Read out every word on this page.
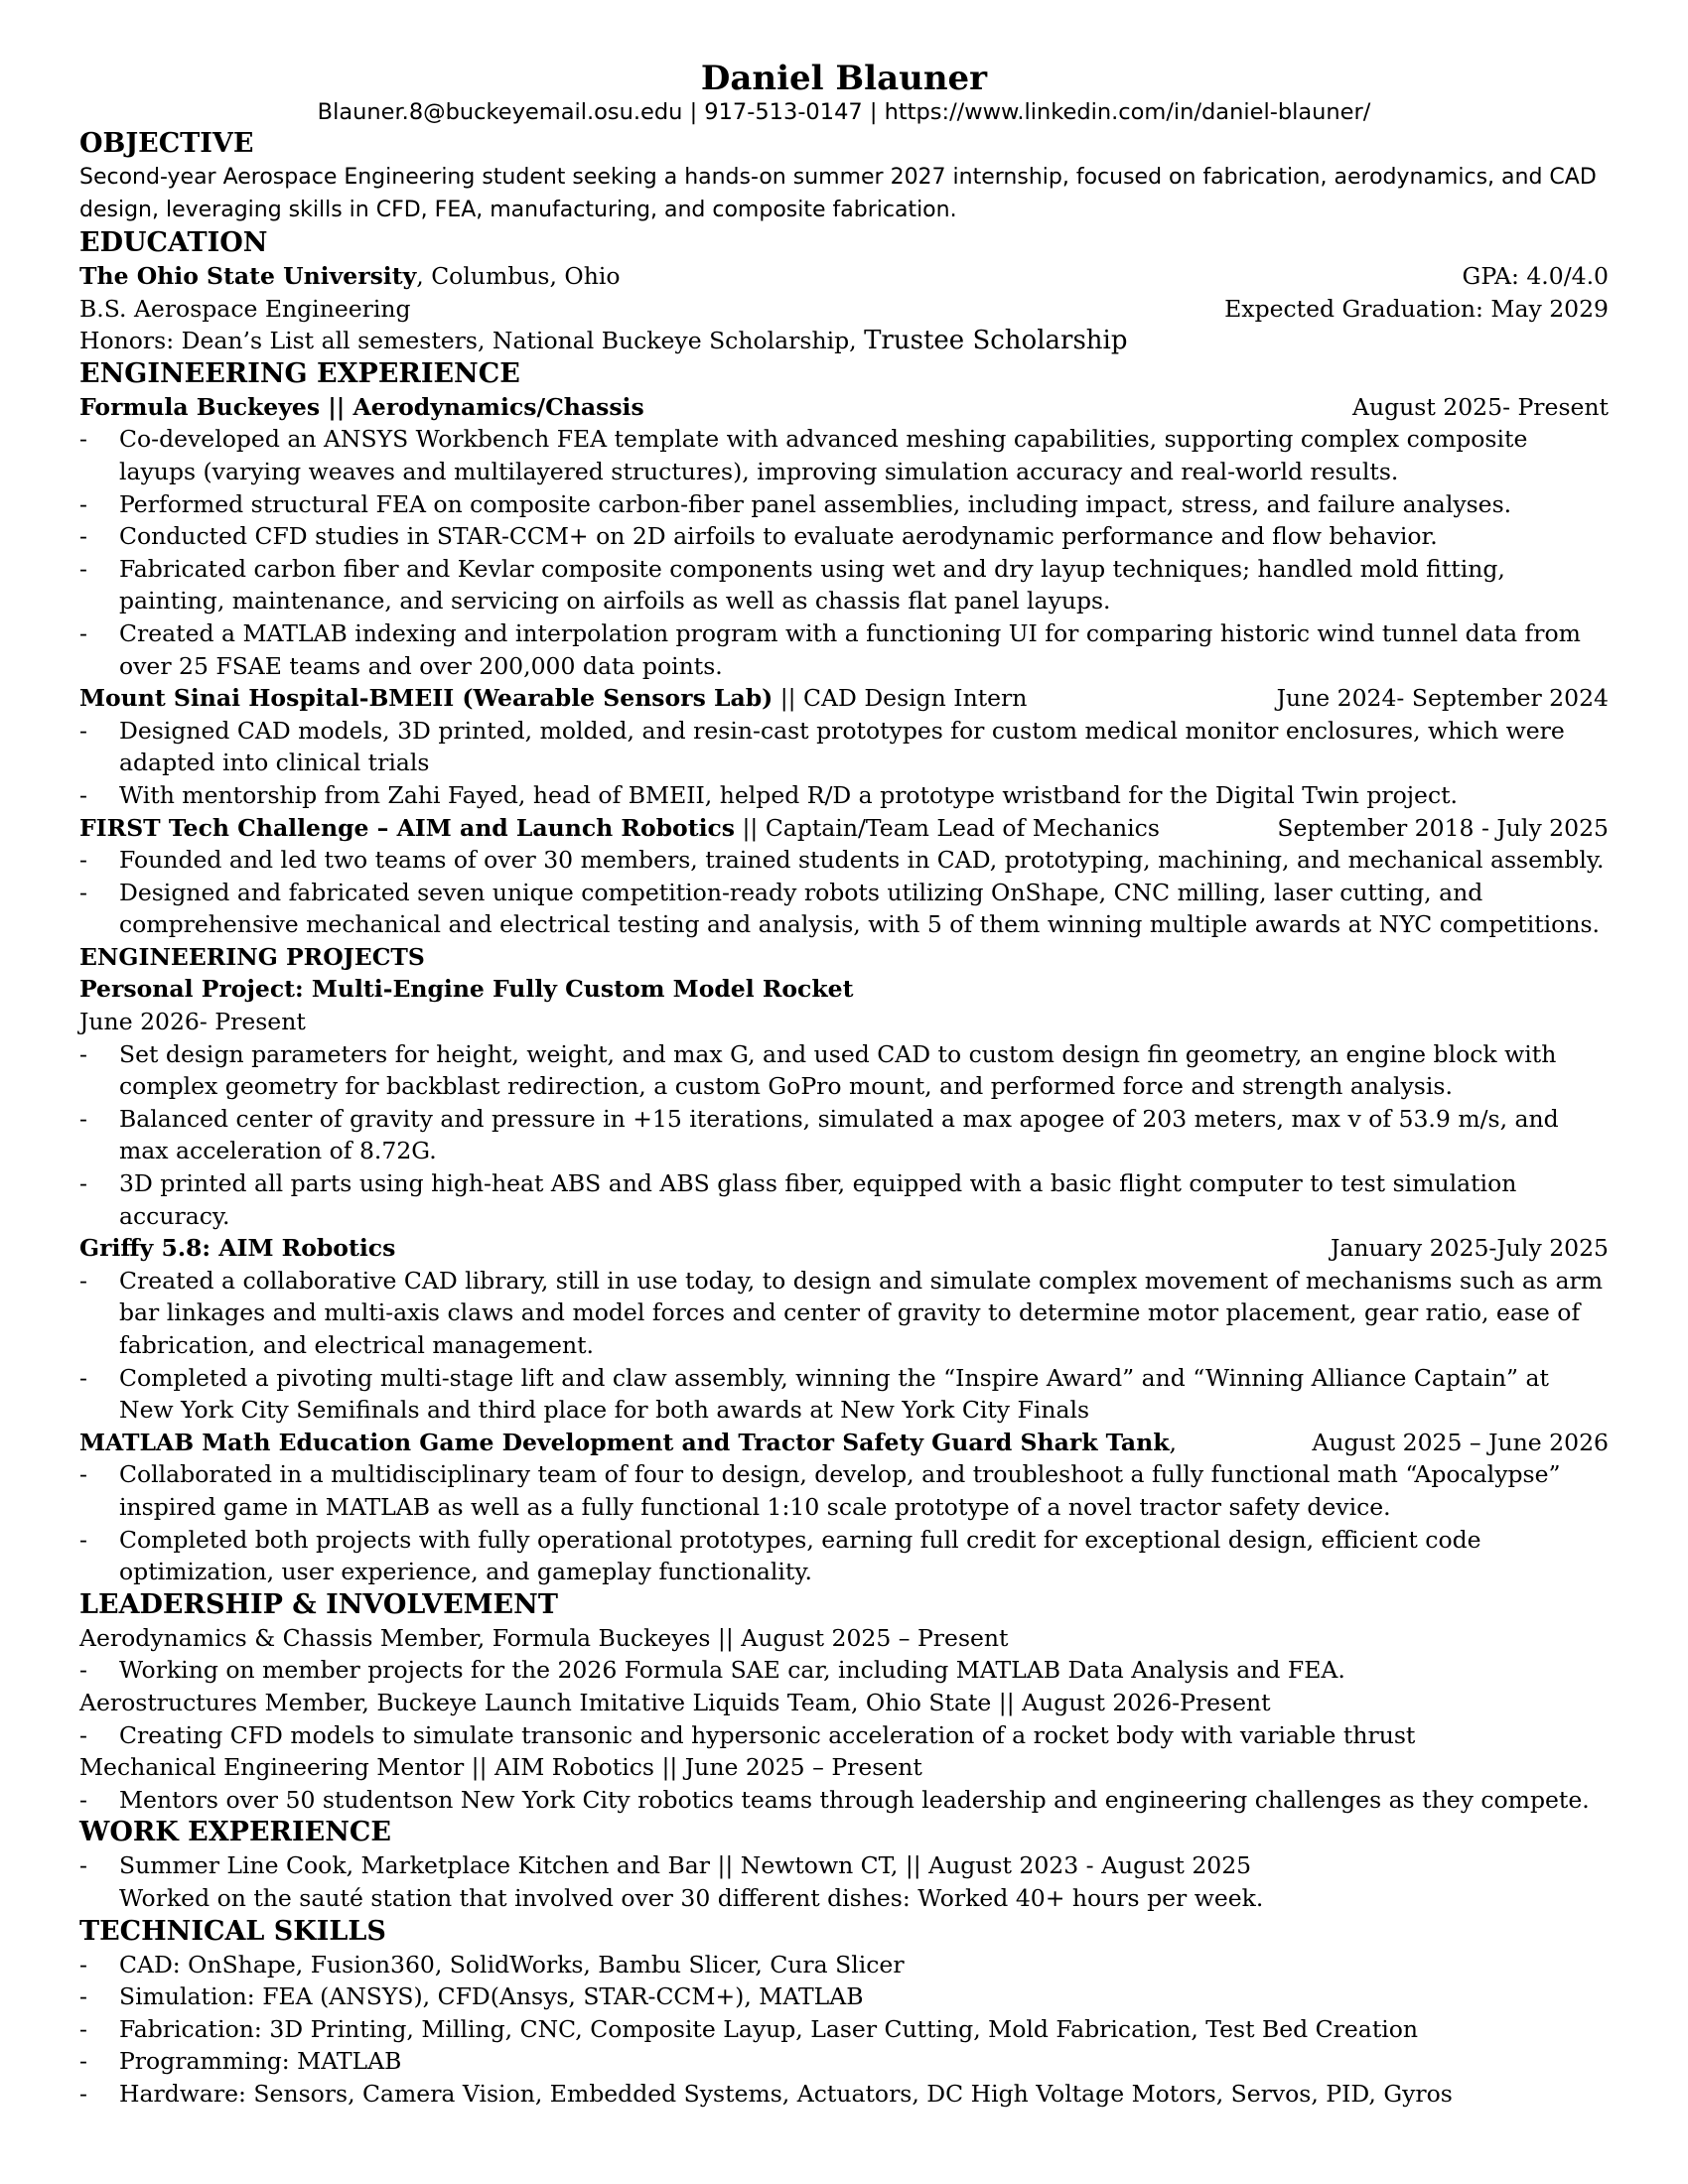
Daniel Blauner
Blauner.8@buckeyemail.osu.edu | 917-513-0147 | https://www.linkedin.com/in/daniel-blauner/
OBJECTIVE
Second-year Aerospace Engineering student seeking a hands-on summer 2027 internship, focused on fabrication, aerodynamics, and CAD design, leveraging skills in CFD, FEA, manufacturing, and composite fabrication.
EDUCATION
The Ohio State University, Columbus, Ohio	GPA: 4.0/4.0
B.S. Aerospace Engineering	Expected Graduation: May 2029
Honors: Dean’s List all semesters, National Buckeye Scholarship, Trustee Scholarship
ENGINEERING EXPERIENCE
Formula Buckeyes || Aerodynamics/Chassis	August 2025- Present
- Co-developed an ANSYS Workbench FEA template with advanced meshing capabilities, supporting complex composite layups (varying weaves and multilayered structures), improving simulation accuracy and real-world results.
- Performed structural FEA on composite carbon-fiber panel assemblies, including impact, stress, and failure analyses.
- Conducted CFD studies in STAR-CCM+ on 2D airfoils to evaluate aerodynamic performance and flow behavior.
- Fabricated carbon fiber and Kevlar composite components using wet and dry layup techniques; handled mold fitting, painting, maintenance, and servicing on airfoils as well as chassis flat panel layups.
- Created a MATLAB indexing and interpolation program with a functioning UI for comparing historic wind tunnel data from over 25 FSAE teams and over 200,000 data points.
Mount Sinai Hospital-BMEII (Wearable Sensors Lab) || CAD Design Intern	June 2024- September 2024
- Designed CAD models, 3D printed, molded, and resin-cast prototypes for custom medical monitor enclosures, which were adapted into clinical trials
- With mentorship from Zahi Fayed, head of BMEII, helped R/D a prototype wristband for the Digital Twin project.
FIRST Tech Challenge – AIM and Launch Robotics || Captain/Team Lead of Mechanics	September 2018 - July 2025
- Founded and led two teams of over 30 members, trained students in CAD, prototyping, machining, and mechanical assembly.
- Designed and fabricated seven unique competition-ready robots utilizing OnShape, CNC milling, laser cutting, and comprehensive mechanical and electrical testing and analysis, with 5 of them winning multiple awards at NYC competitions.
ENGINEERING PROJECTS
Personal Project: Multi-Engine Fully Custom Model Rocket
June 2026- Present
- Set design parameters for height, weight, and max G, and used CAD to custom design fin geometry, an engine block with complex geometry for backblast redirection, a custom GoPro mount, and performed force and strength analysis.
- Balanced center of gravity and pressure in +15 iterations, simulated a max apogee of 203 meters, max v of 53.9 m/s, and max acceleration of 8.72G.
- 3D printed all parts using high-heat ABS and ABS glass fiber, equipped with a basic flight computer to test simulation accuracy.
Griffy 5.8: AIM Robotics	January 2025-July 2025
- Created a collaborative CAD library, still in use today, to design and simulate complex movement of mechanisms such as arm bar linkages and multi-axis claws and model forces and center of gravity to determine motor placement, gear ratio, ease of fabrication, and electrical management.
- Completed a pivoting multi-stage lift and claw assembly, winning the “Inspire Award” and “Winning Alliance Captain” at New York City Semifinals and third place for both awards at New York City Finals
MATLAB Math Education Game Development and Tractor Safety Guard Shark Tank,	August 2025 – June 2026
- Collaborated in a multidisciplinary team of four to design, develop, and troubleshoot a fully functional math “Apocalypse” inspired game in MATLAB as well as a fully functional 1:10 scale prototype of a novel tractor safety device.
- Completed both projects with fully operational prototypes, earning full credit for exceptional design, efficient code optimization, user experience, and gameplay functionality.
LEADERSHIP & INVOLVEMENT
Aerodynamics & Chassis Member, Formula Buckeyes || August 2025 – Present
- Working on member projects for the 2026 Formula SAE car, including MATLAB Data Analysis and FEA.
Aerostructures Member, Buckeye Launch Imitative Liquids Team, Ohio State || August 2026-Present
- Creating CFD models to simulate transonic and hypersonic acceleration of a rocket body with variable thrust
Mechanical Engineering Mentor || AIM Robotics || June 2025 – Present
- Mentors over 50 studentson New York City robotics teams through leadership and engineering challenges as they compete.
WORK EXPERIENCE
- Summer Line Cook, Marketplace Kitchen and Bar || Newtown CT, || August 2023 - August 2025
Worked on the sauté station that involved over 30 different dishes: Worked 40+ hours per week.
TECHNICAL SKILLS
- CAD: OnShape, Fusion360, SolidWorks, Bambu Slicer, Cura Slicer
- Simulation: FEA (ANSYS), CFD(Ansys, STAR-CCM+), MATLAB
- Fabrication: 3D Printing, Milling, CNC, Composite Layup, Laser Cutting, Mold Fabrication, Test Bed Creation
- Programming: MATLAB
- Hardware: Sensors, Camera Vision, Embedded Systems, Actuators, DC High Voltage Motors, Servos, PID, Gyros
